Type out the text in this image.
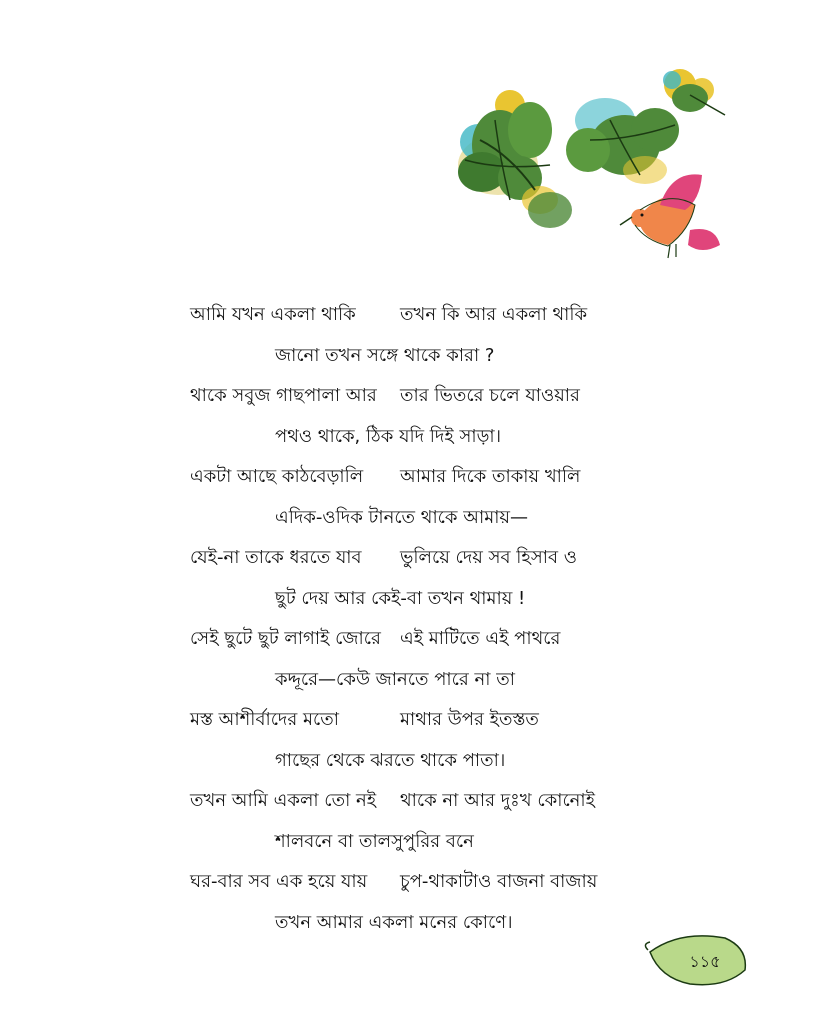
আমি যখন একলা থাকি তখন কি আর একলা থাকি
জানো তখন সঙ্গে থাকে কারা ?
থাকে সবুজ গাছপালা আর তার ভিতরে চলে যাওয়ার
পথও থাকে, ঠিক যদি দিই সাড়া।
একটা আছে কাঠবেড়ালি আমার দিকে তাকায় খালি
এদিক-ওদিক টানতে থাকে আমায়—
যেই-না তাকে ধরতে যাব ভুলিয়ে দেয় সব হিসাব ও
ছুট দেয় আর কেই-বা তখন থামায় !
সেই ছুটে ছুট লাগাই জোরে এই মাটিতে এই পাথরে
কদ্দূরে—কেউ জানতে পারে না তা
মস্ত আশীর্বাদের মতো	মাথার উপর ইতস্তত
গাছের থেকে ঝরতে থাকে পাতা।
তখন আমি একলা তো নই থাকে না আর দুঃখ কোনোই
শালবনে বা তালসুপুরির বনে
ঘর-বার সব এক হয়ে যায় চুপ-থাকাটাও বাজনা বাজায়
তখন আমার একলা মনের কোণে।
১১৫
